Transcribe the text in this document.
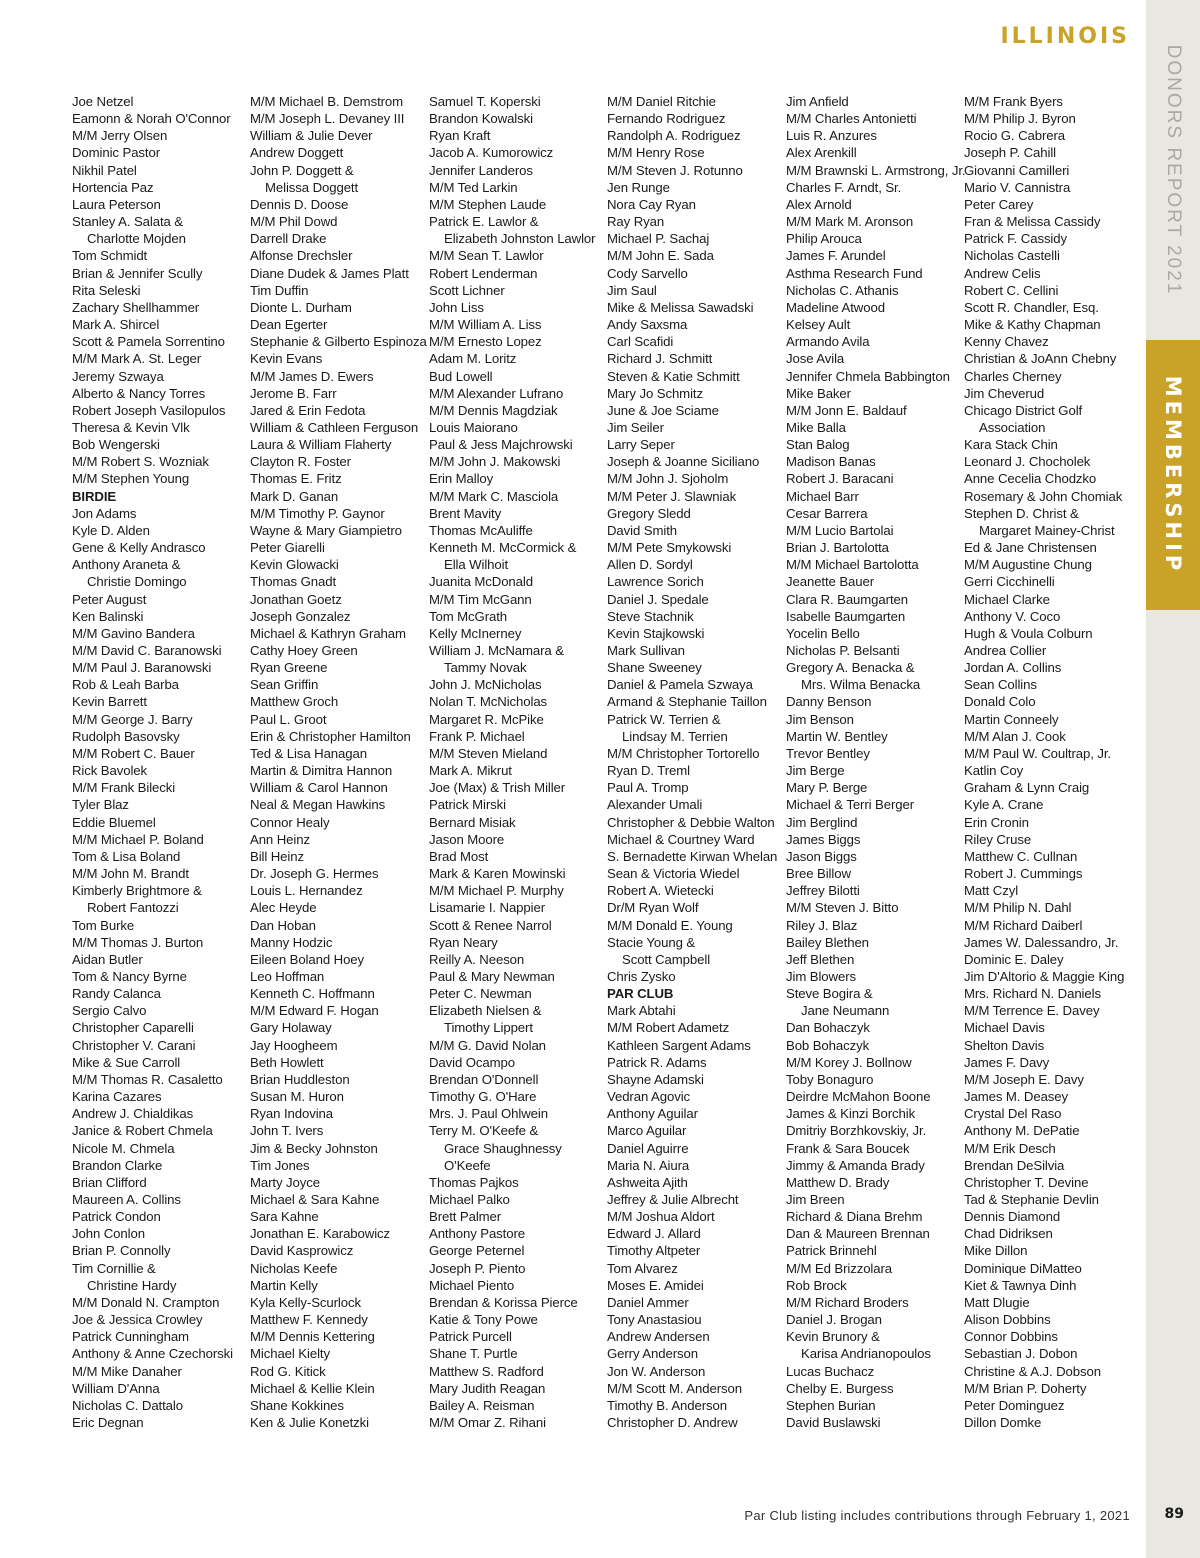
ILLINOIS
DONORS REPORT 2021
MEMBERSHIP
Joe Netzel
Eamonn & Norah O'Connor
M/M Jerry Olsen
Dominic Pastor
Nikhil Patel
Hortencia Paz
Laura Peterson
Stanley A. Salata &
Charlotte Mojden
Tom Schmidt
Brian & Jennifer Scully
Rita Seleski
Zachary Shellhammer
Mark A. Shircel
Scott & Pamela Sorrentino
M/M Mark A. St. Leger
Jeremy Szwaya
Alberto & Nancy Torres
Robert Joseph Vasilopulos
Theresa & Kevin Vlk
Bob Wengerski
M/M Robert S. Wozniak
M/M Stephen Young
BIRDIE
Jon Adams
Kyle D. Alden
Gene & Kelly Andrasco
Anthony Araneta &
Christie Domingo
Peter August
Ken Balinski
M/M Gavino Bandera
M/M David C. Baranowski
M/M Paul J. Baranowski
Rob & Leah Barba
Kevin Barrett
M/M George J. Barry
Rudolph Basovsky
M/M Robert C. Bauer
Rick Bavolek
M/M Frank Bilecki
Tyler Blaz
Eddie Bluemel
M/M Michael P. Boland
Tom & Lisa Boland
M/M John M. Brandt
Kimberly Brightmore &
Robert Fantozzi
Tom Burke
M/M Thomas J. Burton
Aidan Butler
Tom & Nancy Byrne
Randy Calanca
Sergio Calvo
Christopher Caparelli
Christopher V. Carani
Mike & Sue Carroll
M/M Thomas R. Casaletto
Karina Cazares
Andrew J. Chialdikas
Janice & Robert Chmela
Nicole M. Chmela
Brandon Clarke
Brian Clifford
Maureen A. Collins
Patrick Condon
John Conlon
Brian P. Connolly
Tim Cornillie &
Christine Hardy
M/M Donald N. Crampton
Joe & Jessica Crowley
Patrick Cunningham
Anthony & Anne Czechorski
M/M Mike Danaher
William D'Anna
Nicholas C. Dattalo
Eric Degnan
M/M Michael B. Demstrom
M/M Joseph L. Devaney III
William & Julie Dever
Andrew Doggett
John P. Doggett &
Melissa Doggett
Dennis D. Doose
M/M Phil Dowd
Darrell Drake
Alfonse Drechsler
Diane Dudek & James Platt
Tim Duffin
Dionte L. Durham
Dean Egerter
Stephanie & Gilberto Espinoza
Kevin Evans
M/M James D. Ewers
Jerome B. Farr
Jared & Erin Fedota
William & Cathleen Ferguson
Laura & William Flaherty
Clayton R. Foster
Thomas E. Fritz
Mark D. Ganan
M/M Timothy P. Gaynor
Wayne & Mary Giampietro
Peter Giarelli
Kevin Glowacki
Thomas Gnadt
Jonathan Goetz
Joseph Gonzalez
Michael & Kathryn Graham
Cathy Hoey Green
Ryan Greene
Sean Griffin
Matthew Groch
Paul L. Groot
Erin & Christopher Hamilton
Ted & Lisa Hanagan
Martin & Dimitra Hannon
William & Carol Hannon
Neal & Megan Hawkins
Connor Healy
Ann Heinz
Bill Heinz
Dr. Joseph G. Hermes
Louis L. Hernandez
Alec Heyde
Dan Hoban
Manny Hodzic
Eileen Boland Hoey
Leo Hoffman
Kenneth C. Hoffmann
M/M Edward F. Hogan
Gary Holaway
Jay Hoogheem
Beth Howlett
Brian Huddleston
Susan M. Huron
Ryan Indovina
John T. Ivers
Jim & Becky Johnston
Tim Jones
Marty Joyce
Michael & Sara Kahne
Sara Kahne
Jonathan E. Karabowicz
David Kasprowicz
Nicholas Keefe
Martin Kelly
Kyla Kelly-Scurlock
Matthew F. Kennedy
M/M Dennis Kettering
Michael Kielty
Rod G. Kitick
Michael & Kellie Klein
Shane Kokkines
Ken & Julie Konetzki
Samuel T. Koperski
Brandon Kowalski
Ryan Kraft
Jacob A. Kumorowicz
Jennifer Landeros
M/M Ted Larkin
M/M Stephen Laude
Patrick E. Lawlor &
Elizabeth Johnston Lawlor
M/M Sean T. Lawlor
Robert Lenderman
Scott Lichner
John Liss
M/M William A. Liss
M/M Ernesto Lopez
Adam M. Loritz
Bud Lowell
M/M Alexander Lufrano
M/M Dennis Magdziak
Louis Maiorano
Paul & Jess Majchrowski
M/M John J. Makowski
Erin Malloy
M/M Mark C. Masciola
Brent Mavity
Thomas McAuliffe
Kenneth M. McCormick &
Ella Wilhoit
Juanita McDonald
M/M Tim McGann
Tom McGrath
Kelly McInerney
William J. McNamara &
Tammy Novak
John J. McNicholas
Nolan T. McNicholas
Margaret R. McPike
Frank P. Michael
M/M Steven Mieland
Mark A. Mikrut
Joe (Max) & Trish Miller
Patrick Mirski
Bernard Misiak
Jason Moore
Brad Most
Mark & Karen Mowinski
M/M Michael P. Murphy
Lisamarie I. Nappier
Scott & Renee Narrol
Ryan Neary
Reilly A. Neeson
Paul & Mary Newman
Peter C. Newman
Elizabeth Nielsen &
Timothy Lippert
M/M G. David Nolan
David Ocampo
Brendan O'Donnell
Timothy G. O'Hare
Mrs. J. Paul Ohlwein
Terry M. O'Keefe &
Grace Shaughnessy
O'Keefe
Thomas Pajkos
Michael Palko
Brett Palmer
Anthony Pastore
George Peternel
Joseph P. Piento
Michael Piento
Brendan & Korissa Pierce
Katie & Tony Powe
Patrick Purcell
Shane T. Purtle
Matthew S. Radford
Mary Judith Reagan
Bailey A. Reisman
M/M Omar Z. Rihani
M/M Daniel Ritchie
Fernando Rodriguez
Randolph A. Rodriguez
M/M Henry Rose
M/M Steven J. Rotunno
Jen Runge
Nora Cay Ryan
Ray Ryan
Michael P. Sachaj
M/M John E. Sada
Cody Sarvello
Jim Saul
Mike & Melissa Sawadski
Andy Saxsma
Carl Scafidi
Richard J. Schmitt
Steven & Katie Schmitt
Mary Jo Schmitz
June & Joe Sciame
Jim Seiler
Larry Seper
Joseph & Joanne Siciliano
M/M John J. Sjoholm
M/M Peter J. Slawniak
Gregory Sledd
David Smith
M/M Pete Smykowski
Allen D. Sordyl
Lawrence Sorich
Daniel J. Spedale
Steve Stachnik
Kevin Stajkowski
Mark Sullivan
Shane Sweeney
Daniel & Pamela Szwaya
Armand & Stephanie Taillon
Patrick W. Terrien &
Lindsay M. Terrien
M/M Christopher Tortorello
Ryan D. Treml
Paul A. Tromp
Alexander Umali
Christopher & Debbie Walton
Michael & Courtney Ward
S. Bernadette Kirwan Whelan
Sean & Victoria Wiedel
Robert A. Wietecki
Dr/M Ryan Wolf
M/M Donald E. Young
Stacie Young &
Scott Campbell
Chris Zysko
PAR CLUB
Mark Abtahi
M/M Robert Adametz
Kathleen Sargent Adams
Patrick R. Adams
Shayne Adamski
Vedran Agovic
Anthony Aguilar
Marco Aguilar
Daniel Aguirre
Maria N. Aiura
Ashweita Ajith
Jeffrey & Julie Albrecht
M/M Joshua Aldort
Edward J. Allard
Timothy Altpeter
Tom Alvarez
Moses E. Amidei
Daniel Ammer
Tony Anastasiou
Andrew Andersen
Gerry Anderson
Jon W. Anderson
M/M Scott M. Anderson
Timothy B. Anderson
Christopher D. Andrew
Jim Anfield
M/M Charles Antonietti
Luis R. Anzures
Alex Arenkill
M/M Brawnski L. Armstrong, Jr.
Charles F. Arndt, Sr.
Alex Arnold
M/M Mark M. Aronson
Philip Arouca
James F. Arundel
Asthma Research Fund
Nicholas C. Athanis
Madeline Atwood
Kelsey Ault
Armando Avila
Jose Avila
Jennifer Chmela Babbington
Mike Baker
M/M Jonn E. Baldauf
Mike Balla
Stan Balog
Madison Banas
Robert J. Baracani
Michael Barr
Cesar Barrera
M/M Lucio Bartolai
Brian J. Bartolotta
M/M Michael Bartolotta
Jeanette Bauer
Clara R. Baumgarten
Isabelle Baumgarten
Yocelin Bello
Nicholas P. Belsanti
Gregory A. Benacka &
Mrs. Wilma Benacka
Danny Benson
Jim Benson
Martin W. Bentley
Trevor Bentley
Jim Berge
Mary P. Berge
Michael & Terri Berger
Jim Berglind
James Biggs
Jason Biggs
Bree Billow
Jeffrey Bilotti
M/M Steven J. Bitto
Riley J. Blaz
Bailey Blethen
Jeff Blethen
Jim Blowers
Steve Bogira &
Jane Neumann
Dan Bohaczyk
Bob Bohaczyk
M/M Korey J. Bollnow
Toby Bonaguro
Deirdre McMahon Boone
James & Kinzi Borchik
Dmitriy Borzhkovskiy, Jr.
Frank & Sara Boucek
Jimmy & Amanda Brady
Matthew D. Brady
Jim Breen
Richard & Diana Brehm
Dan & Maureen Brennan
Patrick Brinnehl
M/M Ed Brizzolara
Rob Brock
M/M Richard Broders
Daniel J. Brogan
Kevin Brunory &
Karisa Andrianopoulos
Lucas Buchacz
Chelby E. Burgess
Stephen Burian
David Buslawski
M/M Frank Byers
M/M Philip J. Byron
Rocio G. Cabrera
Joseph P. Cahill
Giovanni Camilleri
Mario V. Cannistra
Peter Carey
Fran & Melissa Cassidy
Patrick F. Cassidy
Nicholas Castelli
Andrew Celis
Robert C. Cellini
Scott R. Chandler, Esq.
Mike & Kathy Chapman
Kenny Chavez
Christian & JoAnn Chebny
Charles Cherney
Jim Cheverud
Chicago District Golf
Association
Kara Stack Chin
Leonard J. Chocholek
Anne Cecelia Chodzko
Rosemary & John Chomiak
Stephen D. Christ &
Margaret Mainey-Christ
Ed & Jane Christensen
M/M Augustine Chung
Gerri Cicchinelli
Michael Clarke
Anthony V. Coco
Hugh & Voula Colburn
Andrea Collier
Jordan A. Collins
Sean Collins
Donald Colo
Martin Conneely
M/M Alan J. Cook
M/M Paul W. Coultrap, Jr.
Katlin Coy
Graham & Lynn Craig
Kyle A. Crane
Erin Cronin
Riley Cruse
Matthew C. Cullnan
Robert J. Cummings
Matt Czyl
M/M Philip N. Dahl
M/M Richard Daiberl
James W. Dalessandro, Jr.
Dominic E. Daley
Jim D'Altorio & Maggie King
Mrs. Richard N. Daniels
M/M Terrence E. Davey
Michael Davis
Shelton Davis
James F. Davy
M/M Joseph E. Davy
James M. Deasey
Crystal Del Raso
Anthony M. DePatie
M/M Erik Desch
Brendan DeSilvia
Christopher T. Devine
Tad & Stephanie Devlin
Dennis Diamond
Chad Didriksen
Mike Dillon
Dominique DiMatteo
Kiet & Tawnya Dinh
Matt Dlugie
Alison Dobbins
Connor Dobbins
Sebastian J. Dobon
Christine & A.J. Dobson
M/M Brian P. Doherty
Peter Dominguez
Dillon Domke
Par Club listing includes contributions through February 1, 2021 89
